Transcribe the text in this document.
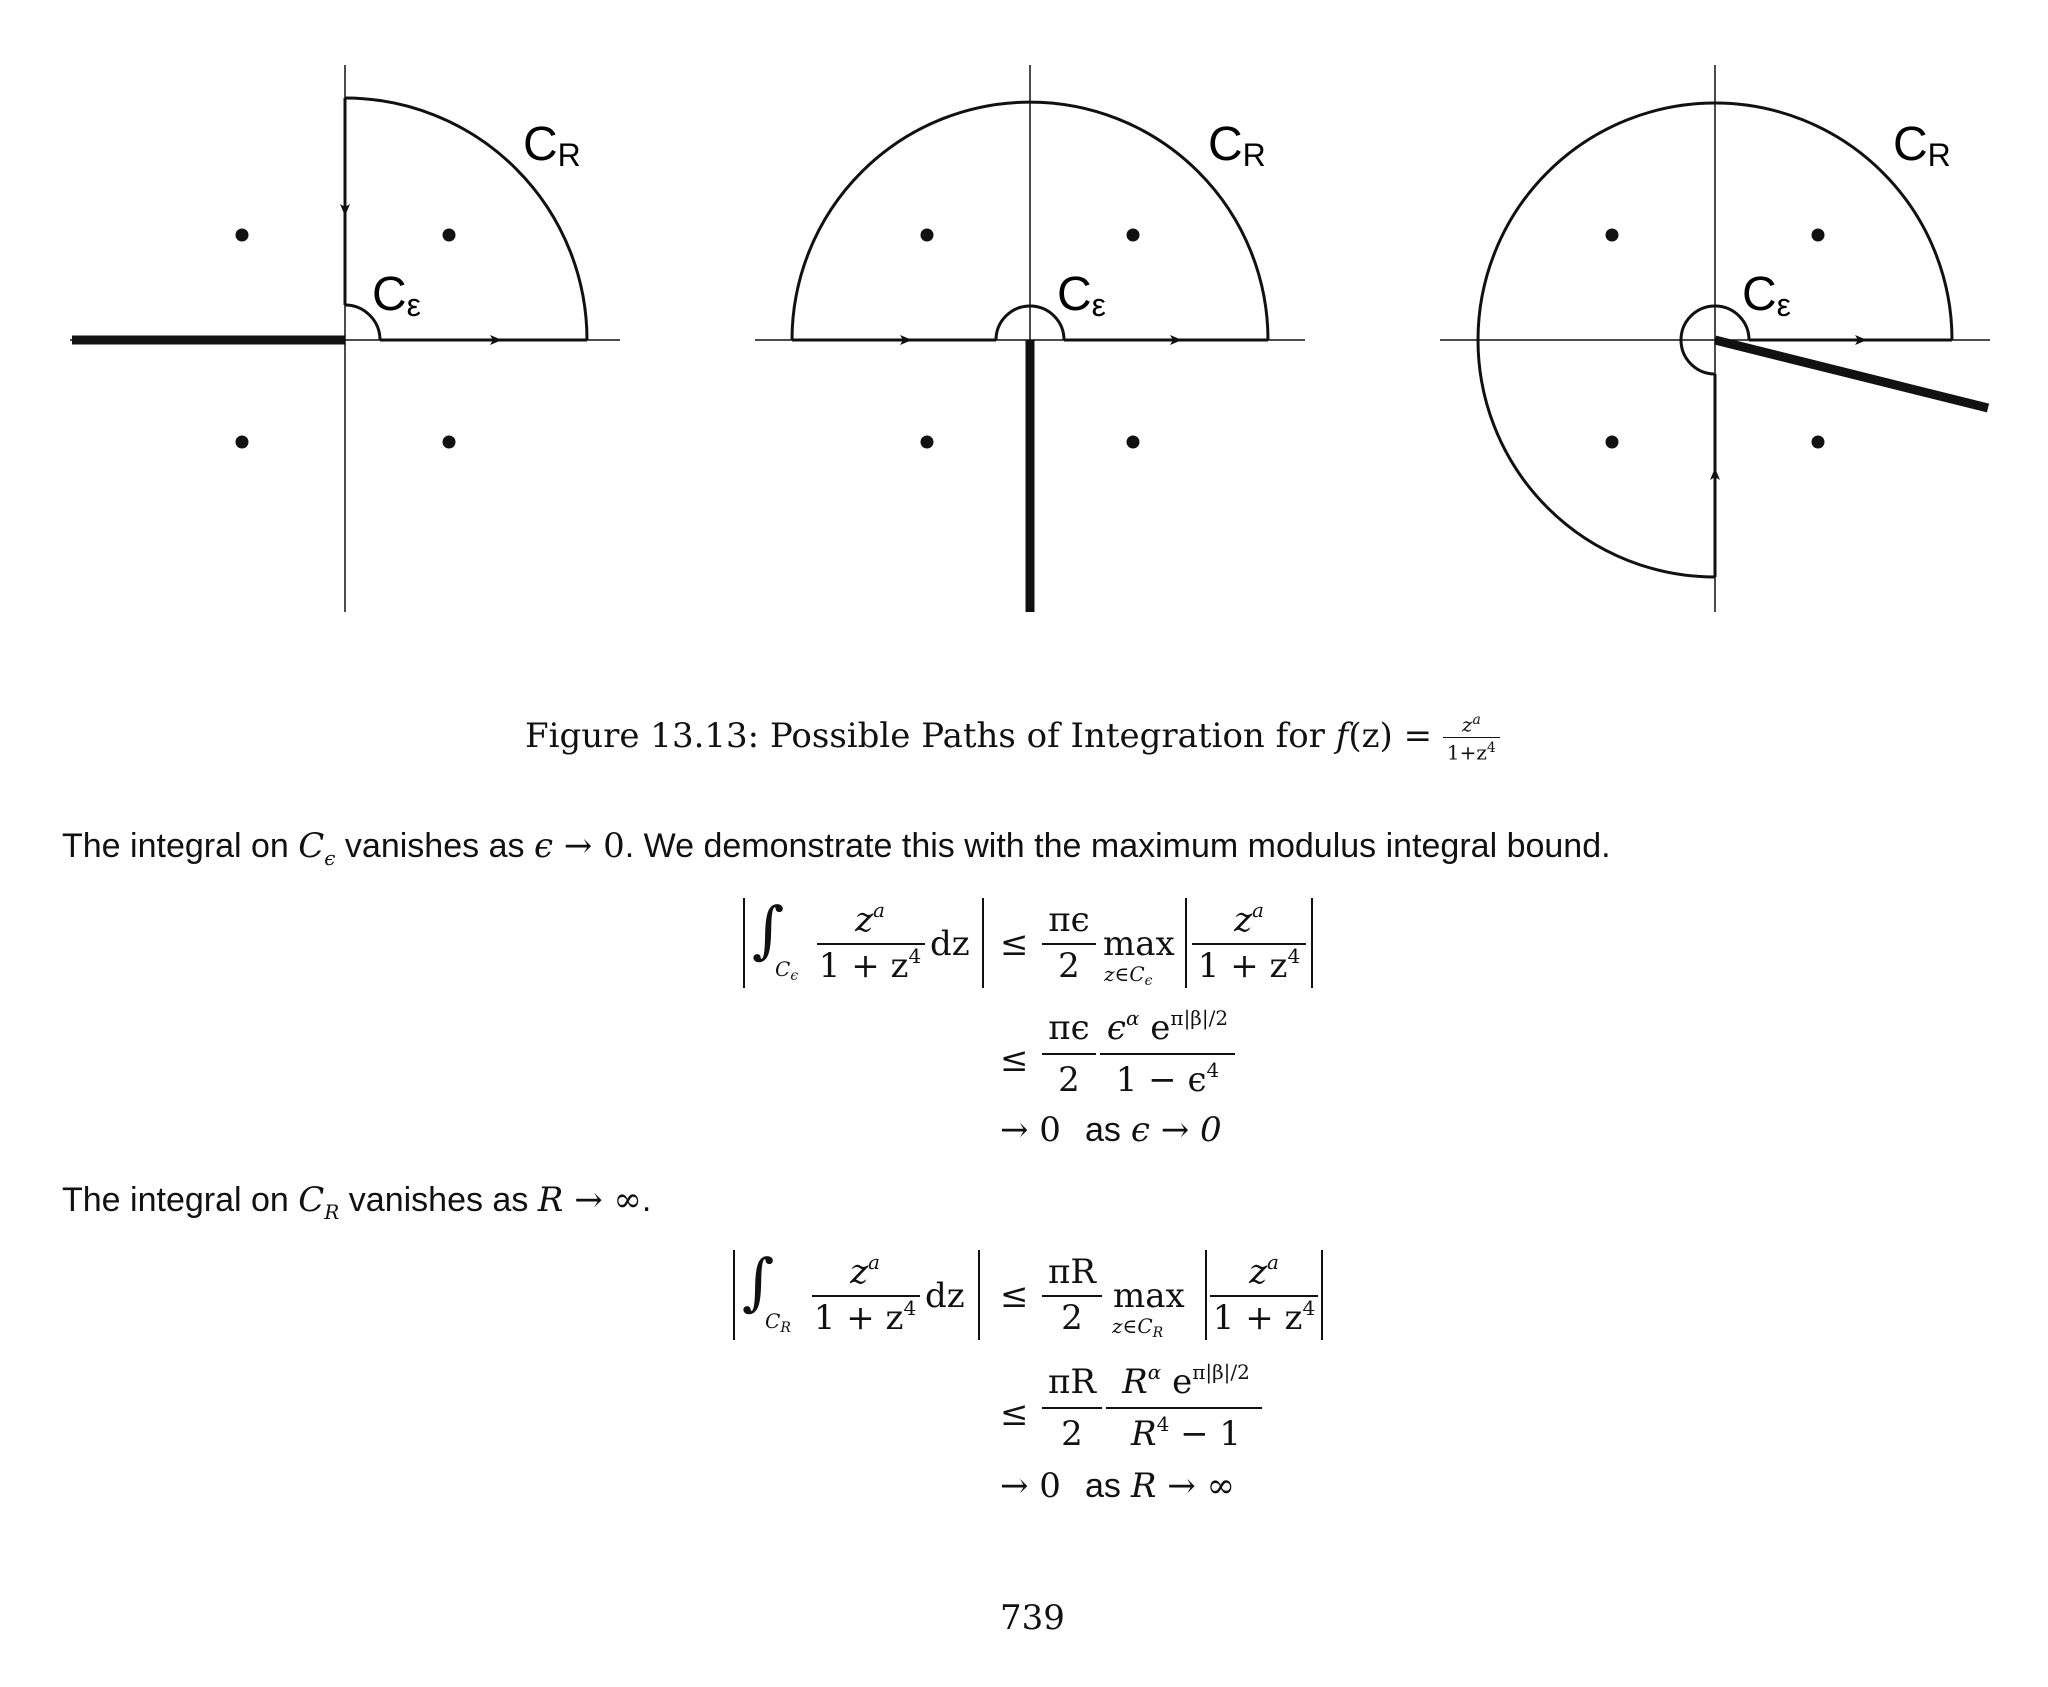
CR
Cε
CR
Cε
CR
Cε
Figure 13.13: Possible Paths of Integration for $f(z) = \frac{z^a}{1+z^4}$
The integral on $C_\epsilon$ vanishes as ϵ → 0. We demonstrate this with the maximum modulus integral bound.
∫
$C_\epsilon$
$z^a$
$1 + z^4$ dz ≤
πϵ
2
max
$z\in C_\epsilon$
$z^a$
$1 + z^4$
≤
πϵ
2
$\epsilon^\alpha$ $e^{\pi|\beta|/2}$
$1 - \epsilon^4$
→ 0 as ϵ → 0
The integral on $C_R$ vanishes as R → ∞.
∫
$C_R$
$z^a$
$1 + z^4$ dz ≤
πR
2
max
$z\in C_R$
$z^a$
$1 + z^4$
≤
πR
2
$R^\alpha$ $e^{\pi|\beta|/2}$
$R^4 - 1$
→ 0 as R → ∞
739
